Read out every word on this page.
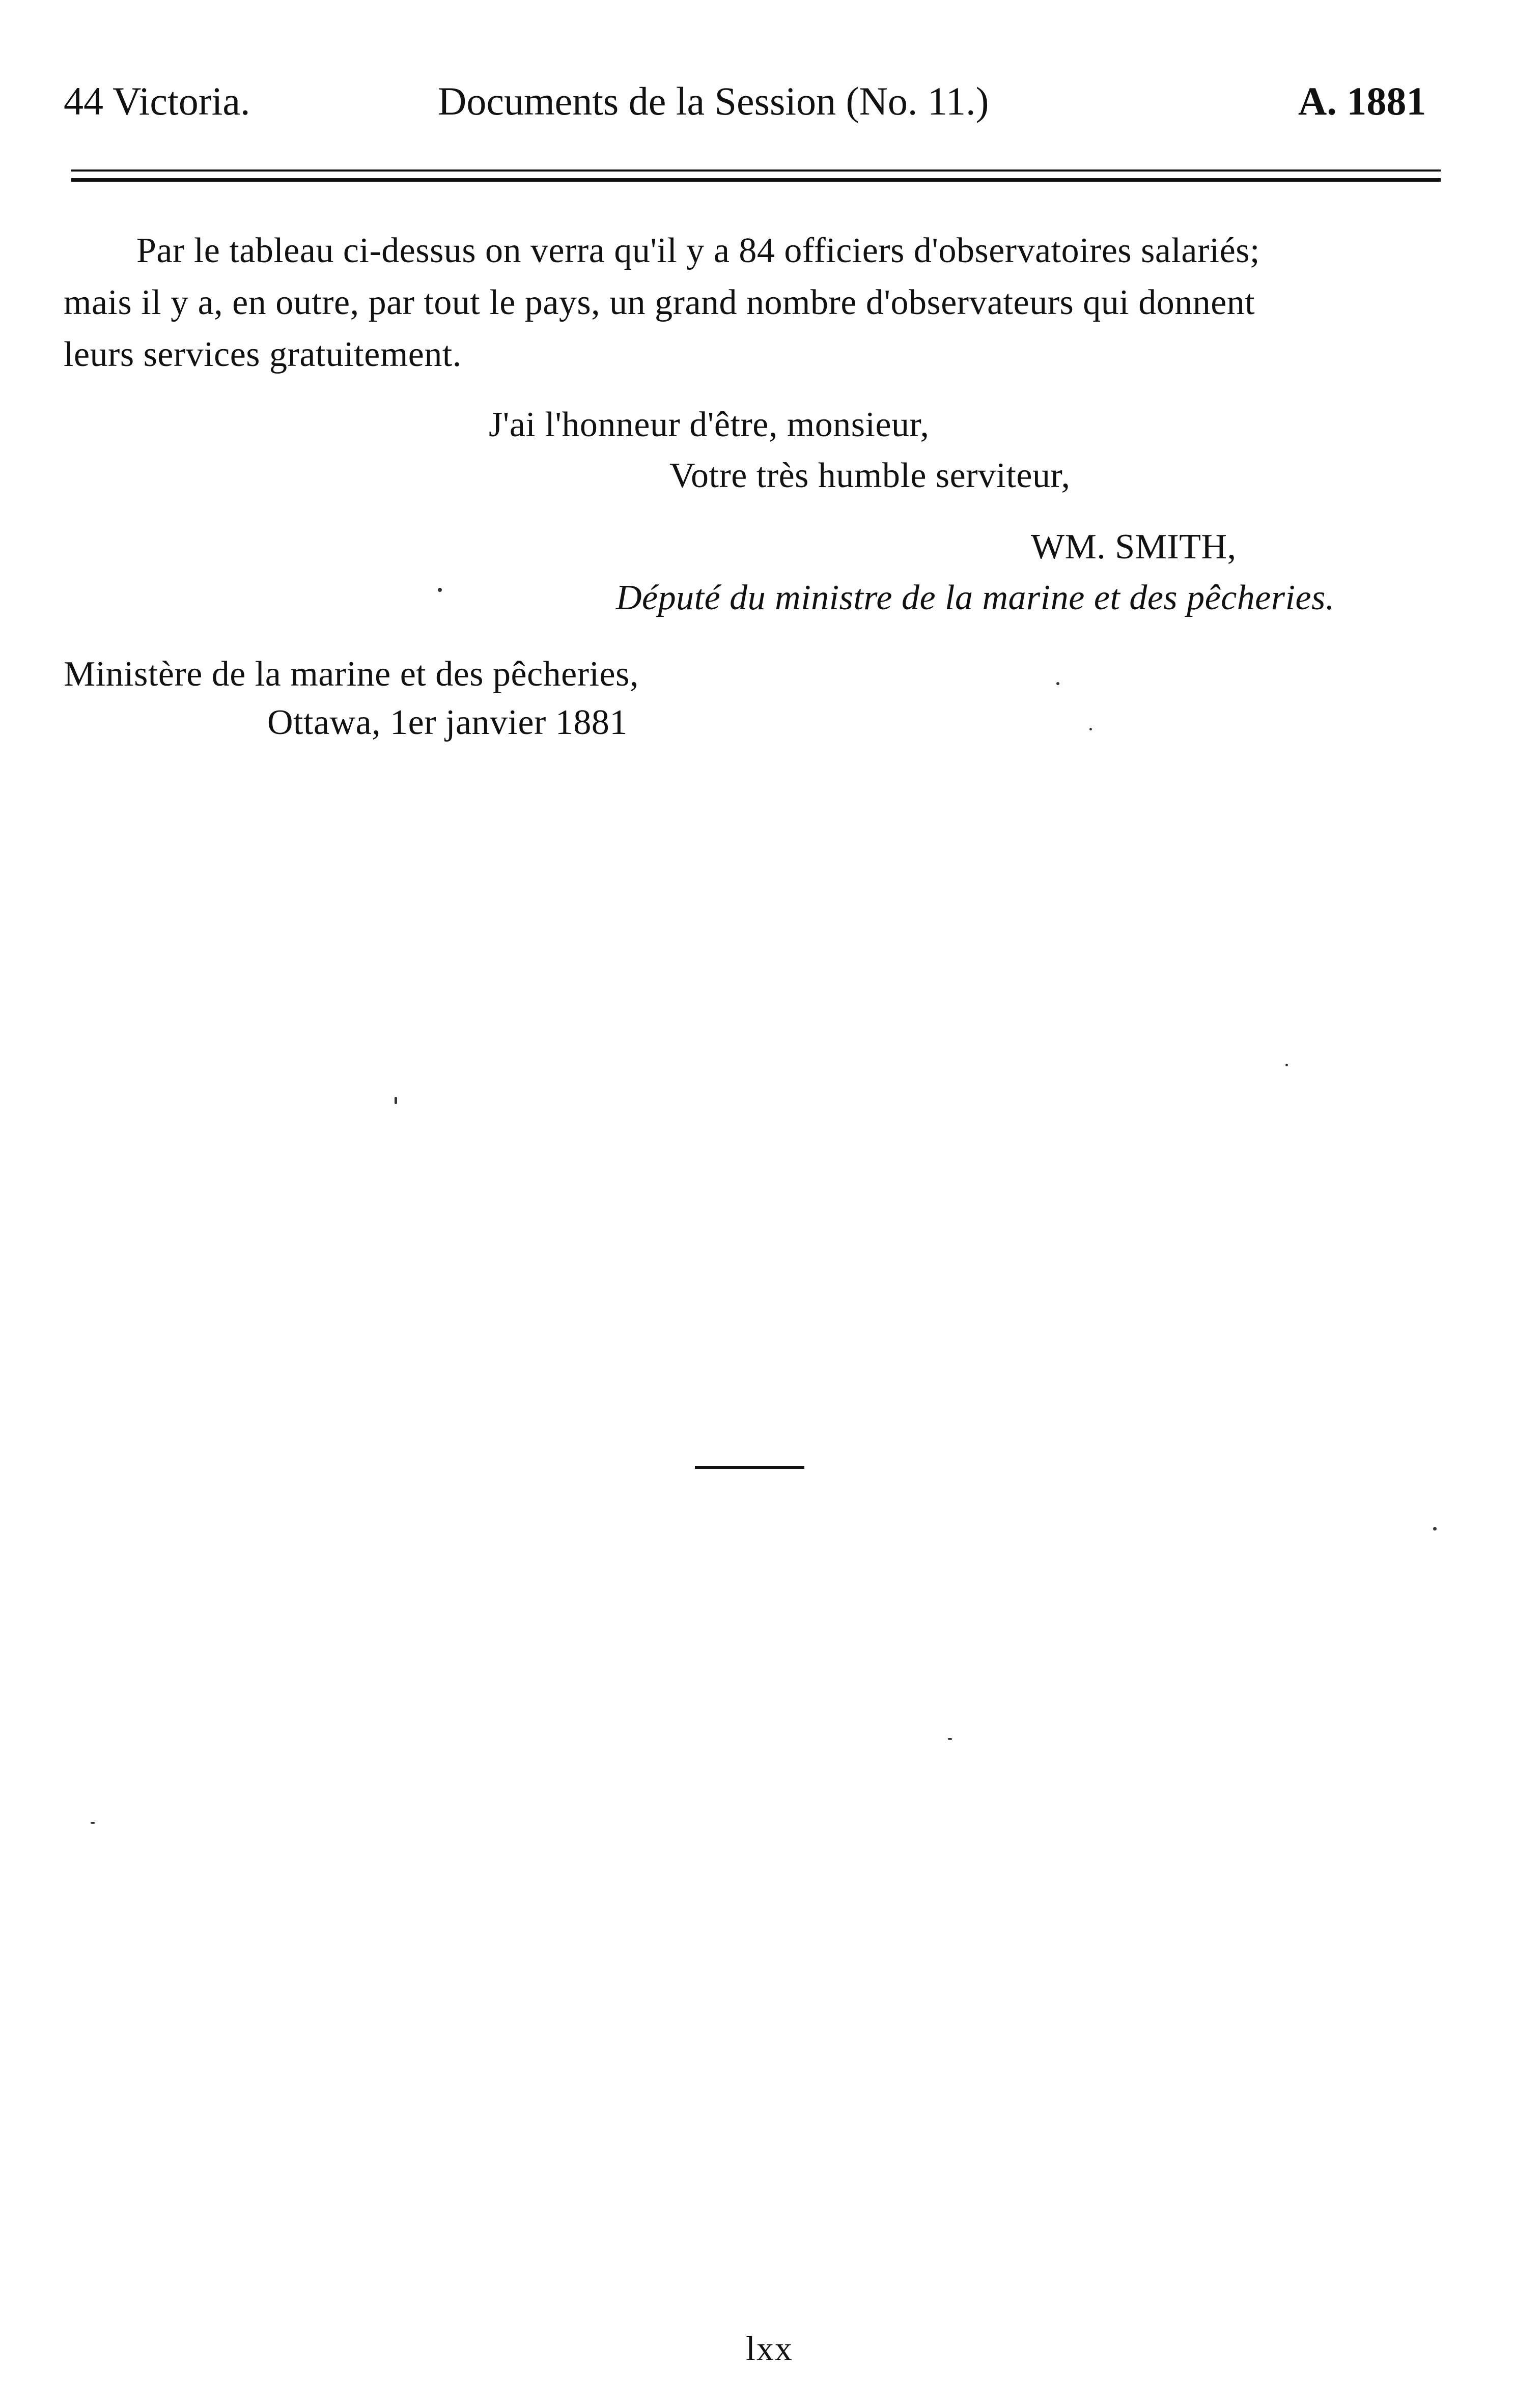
44 Victoria.	Documents de la Session (No. 11.)	A. 1881
Par le tableau ci-dessus on verra qu'il y a 84 officiers d'observatoires salariés;
mais il y a, en outre, par tout le pays, un grand nombre d'observateurs qui donnent
leurs services gratuitement.
J'ai l'honneur d'être, monsieur,
Votre très humble serviteur,
WM. SMITH,
Député du ministre de la marine et des pêcheries.
Ministère de la marine et des pêcheries,
Ottawa, 1er janvier 1881
lxx
